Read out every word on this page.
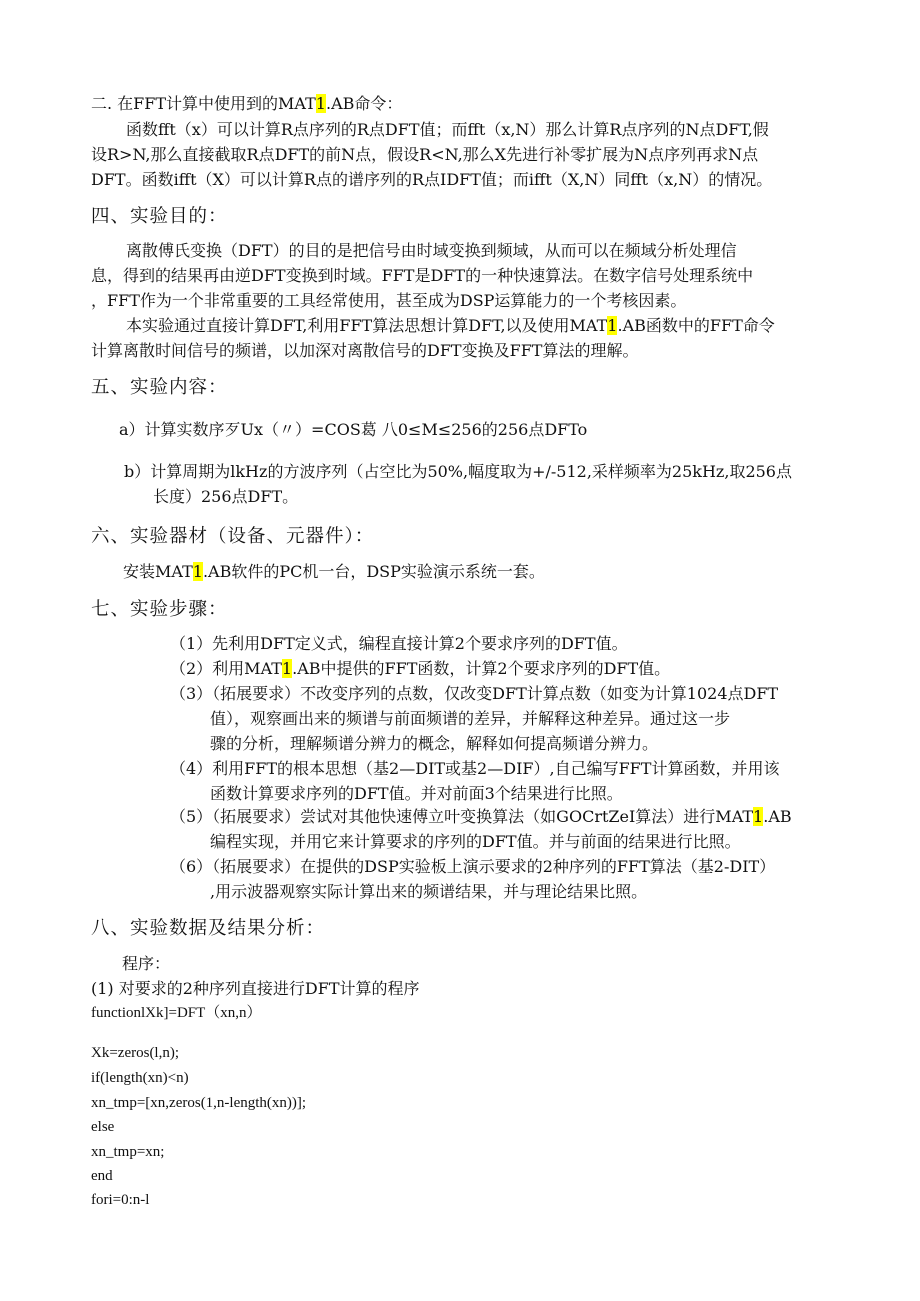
二. 在FFT计算中使用到的MAT1.AB命令：
函数fft（x）可以计算R点序列的R点DFT值；而fft（x,N）那么计算R点序列的N点DFT,假
设R>N,那么直接截取R点DFT的前N点，假设R<N,那么X先进行补零扩展为N点序列再求N点
DFT。函数ifft（X）可以计算R点的谱序列的R点IDFT值；而ifft（X,N）同fft（x,N）的情况。
四、实验目的：
离散傅氏变换（DFT）的目的是把信号由时域变换到频域，从而可以在频域分析处理信
息，得到的结果再由逆DFT变换到时域。FFT是DFT的一种快速算法。在数字信号处理系统中
，FFT作为一个非常重要的工具经常使用，甚至成为DSP运算能力的一个考核因素。
本实验通过直接计算DFT,利用FFT算法思想计算DFT,以及使用MAT1.AB函数中的FFT命令
计算离散时间信号的频谱，以加深对离散信号的DFT变换及FFT算法的理解。
五、实验内容：
a）计算实数序歹Ux（〃）=COS葛 八0≤M≤256的256点DFTo
b）计算周期为lkHz的方波序列（占空比为50%,幅度取为+/-512,采样频率为25kHz,取256点
长度）256点DFT。
六、实验器材（设备、元器件）：
安装MAT1.AB软件的PC机一台，DSP实验演示系统一套。
七、实验步骤：
（1）先利用DFT定义式，编程直接计算2个要求序列的DFT值。
（2）利用MAT1.AB中提供的FFT函数，计算2个要求序列的DFT值。
（3）（拓展要求）不改变序列的点数，仅改变DFT计算点数（如变为计算1024点DFT
值），观察画出来的频谱与前面频谱的差异，并解释这种差异。通过这一步
骤的分析，理解频谱分辨力的概念，解释如何提高频谱分辨力。
（4）利用FFT的根本思想（基2—DIT或基2—DIF）,自己编写FFT计算函数，并用该
函数计算要求序列的DFT值。并对前面3个结果进行比照。
（5）（拓展要求）尝试对其他快速傅立叶变换算法（如GOCrtZeI算法）进行MAT1.AB
编程实现，并用它来计算要求的序列的DFT值。并与前面的结果进行比照。
（6）（拓展要求）在提供的DSP实验板上演示要求的2种序列的FFT算法（基2-DIT）
,用示波器观察实际计算出来的频谱结果，并与理论结果比照。
八、实验数据及结果分析：
程序：
(1) 对要求的2种序列直接进行DFT计算的程序
functionlXk]=DFT（xn,n）
Xk=zeros(l,n);
if(length(xn)<n)
xn_tmp=[xn,zeros(1,n-length(xn))];
else
xn_tmp=xn;
end
fori=0:n-l
